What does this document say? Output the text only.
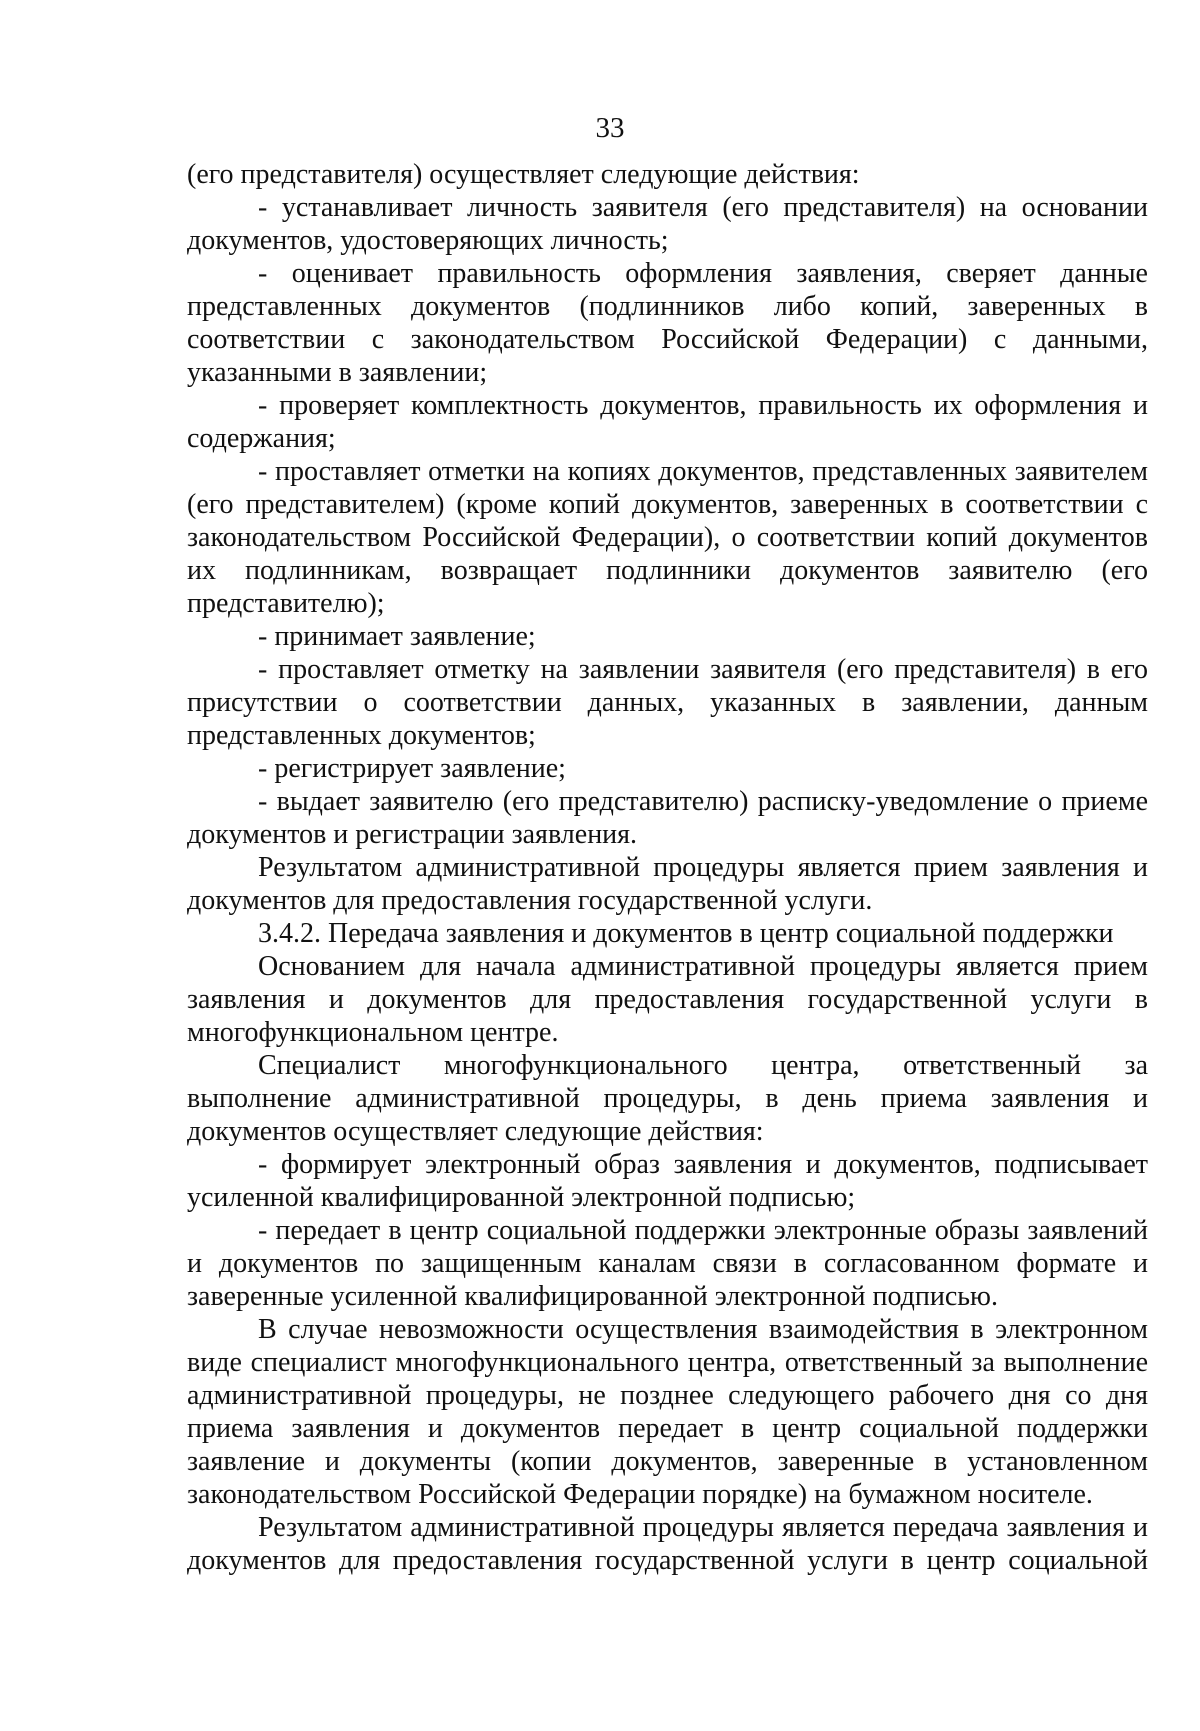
33

(его представителя) осуществляет следующие действия:

- устанавливает личность заявителя (его представителя) на основании документов, удостоверяющих личность;

- оценивает правильность оформления заявления, сверяет данные представленных документов (подлинников либо копий, заверенных в соответствии с законодательством Российской Федерации) с данными, указанными в заявлении;

- проверяет комплектность документов, правильность их оформления и содержания;

- проставляет отметки на копиях документов, представленных заявителем (его представителем) (кроме копий документов, заверенных в соответствии с законодательством Российской Федерации), о соответствии копий документов их подлинникам, возвращает подлинники документов заявителю (его представителю);

- принимает заявление;

- проставляет отметку на заявлении заявителя (его представителя) в его присутствии о соответствии данных, указанных в заявлении, данным представленных документов;

- регистрирует заявление;

- выдает заявителю (его представителю) расписку-уведомление о приеме документов и регистрации заявления.

Результатом административной процедуры является прием заявления и документов для предоставления государственной услуги.

3.4.2. Передача заявления и документов в центр социальной поддержки

Основанием для начала административной процедуры является прием заявления и документов для предоставления государственной услуги в многофункциональном центре.

Специалист многофункционального центра, ответственный за выполнение административной процедуры, в день приема заявления и документов осуществляет следующие действия:

- формирует электронный образ заявления и документов, подписывает усиленной квалифицированной электронной подписью;

- передает в центр социальной поддержки электронные образы заявлений и документов по защищенным каналам связи в согласованном формате и заверенные усиленной квалифицированной электронной подписью.

В случае невозможности осуществления взаимодействия в электронном виде специалист многофункционального центра, ответственный за выполнение административной процедуры, не позднее следующего рабочего дня со дня приема заявления и документов передает в центр социальной поддержки заявление и документы (копии документов, заверенные в установленном законодательством Российской Федерации порядке) на бумажном носителе.

Результатом административной процедуры является передача заявления и документов для предоставления государственной услуги в центр социальной
